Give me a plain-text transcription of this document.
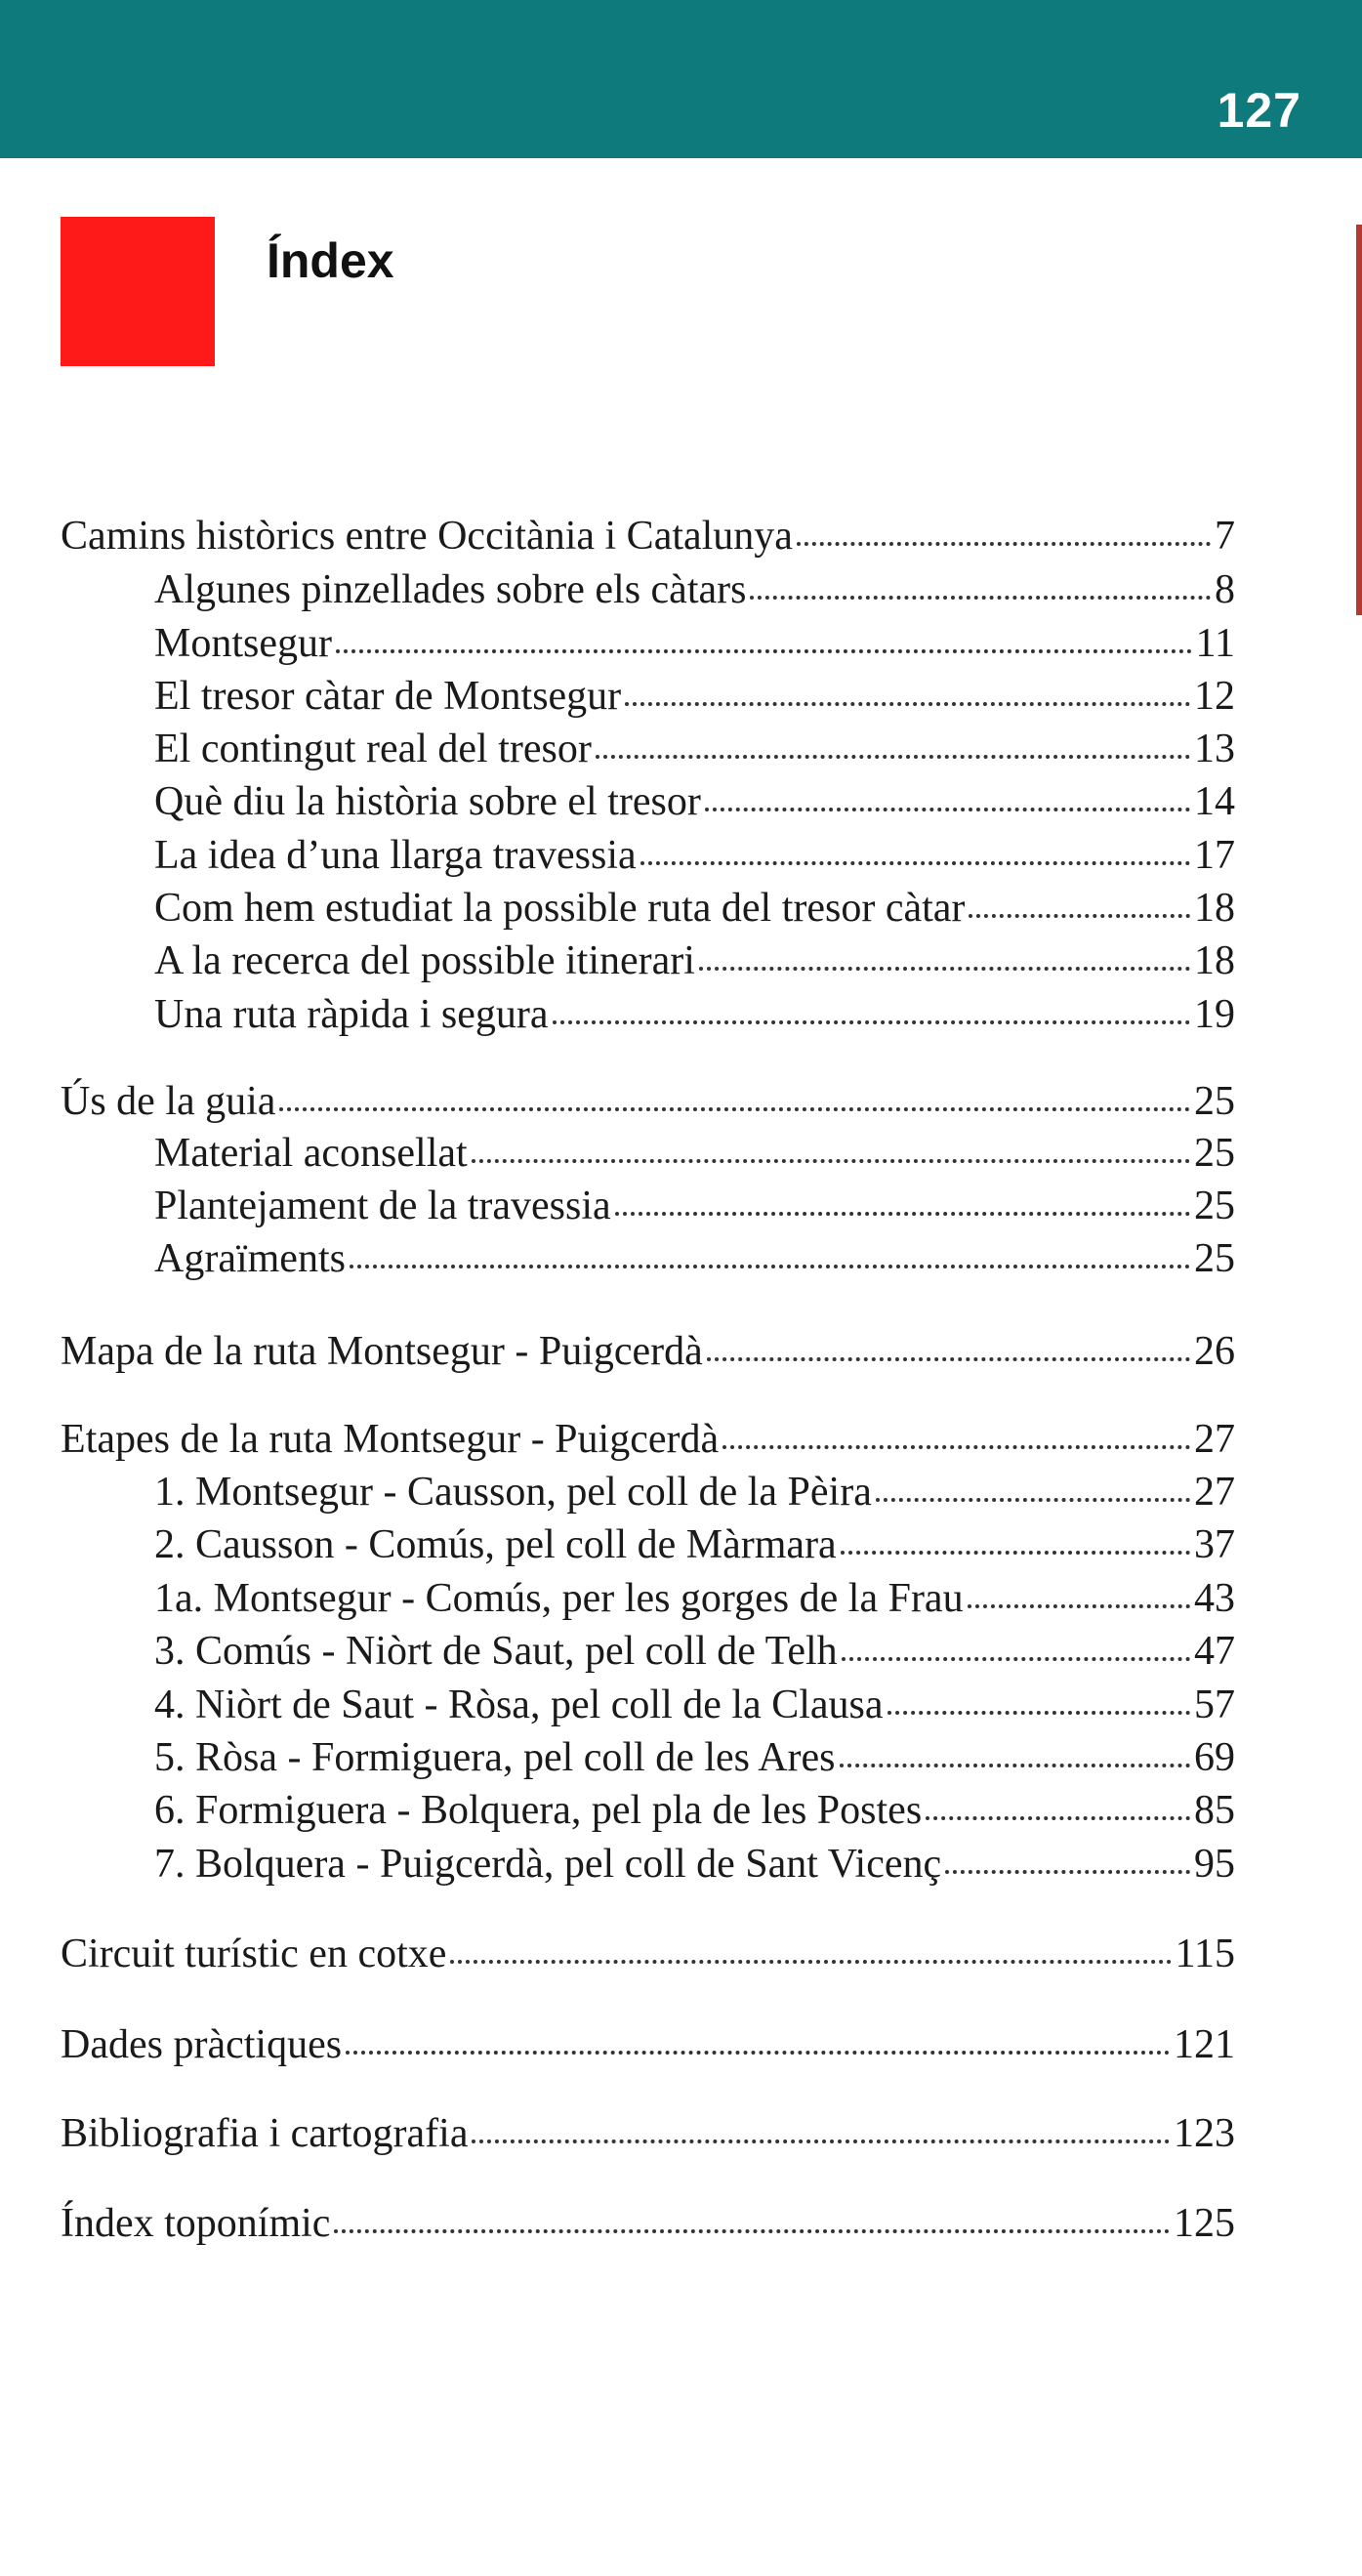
127
Índex
Camins històrics entre Occitània i Catalunya	7
Algunes pinzellades sobre els càtars	8
Montsegur	11
El tresor càtar de Montsegur	12
El contingut real del tresor	13
Què diu la història sobre el tresor	14
La idea d’una llarga travessia	17
Com hem estudiat la possible ruta del tresor càtar	18
A la recerca del possible itinerari	18
Una ruta ràpida i segura	19
Ús de la guia	25
Material aconsellat	25
Plantejament de la travessia	25
Agraïments	25
Mapa de la ruta Montsegur - Puigcerdà	26
Etapes de la ruta Montsegur - Puigcerdà	27
1. Montsegur - Causson, pel coll de la Pèira	27
2. Causson - Comús, pel coll de Màrmara	37
1a. Montsegur - Comús, per les gorges de la Frau	43
3. Comús - Niòrt de Saut, pel coll de Telh	47
4. Niòrt de Saut - Ròsa, pel coll de la Clausa	57
5. Ròsa - Formiguera, pel coll de les Ares	69
6. Formiguera - Bolquera, pel pla de les Postes	85
7. Bolquera - Puigcerdà, pel coll de Sant Vicenç	95
Circuit turístic en cotxe	115
Dades pràctiques	121
Bibliografia i cartografia	123
Índex toponímic	125
